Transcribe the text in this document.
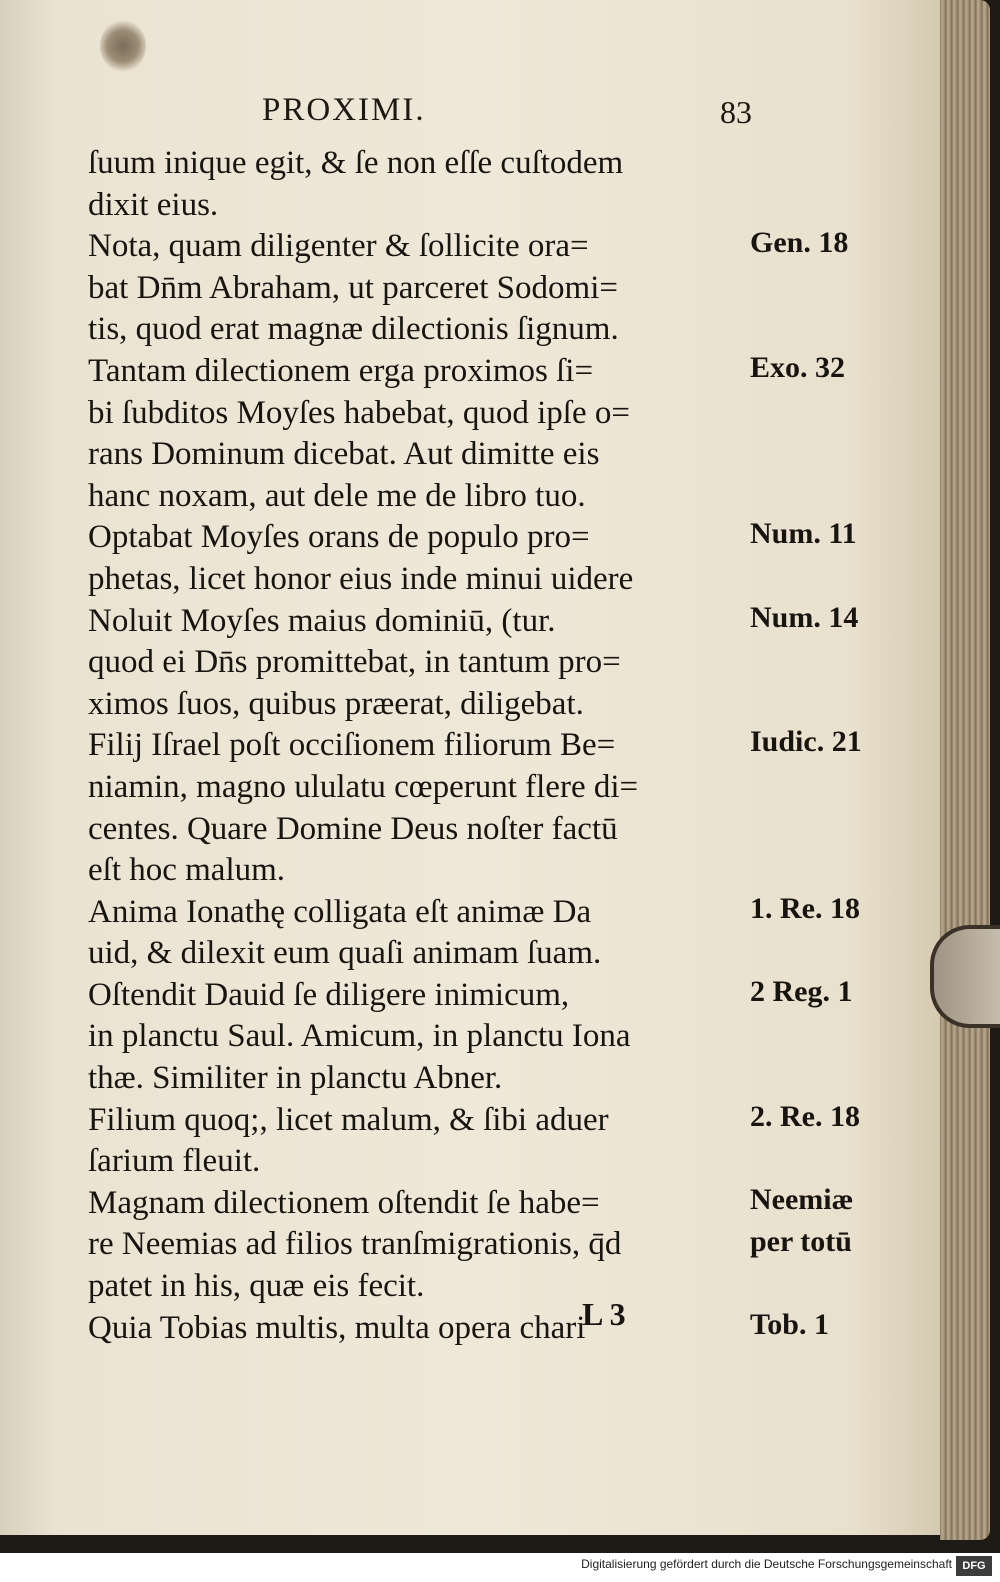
PROXIMI.	83
ſuum inique egit, & ſe non eſſe cuſtodem
dixit eius.
Nota, quam diligenter & ſollicite ora=
bat Dn̄m Abraham, ut parceret Sodomi=
tis, quod erat magnæ dilectionis ſignum.
Tantam dilectionem erga proximos ſi=
bi ſubditos Moyſes habebat, quod ipſe o=
rans Dominum dicebat. Aut dimitte eis
hanc noxam, aut dele me de libro tuo.
Optabat Moyſes orans de populo pro=
phetas, licet honor eius inde minui uidere
Noluit Moyſes maius dominiū, (tur.
quod ei Dn̄s promittebat, in tantum pro=
ximos ſuos, quibus præerat, diligebat.
Filij Iſrael poſt occiſionem filiorum Be=
niamin, magno ululatu cœperunt flere di=
centes. Quare Domine Deus noſter factū
eſt hoc malum.
Anima Ionathę colligata eſt animæ Da
uid, & dilexit eum quaſi animam ſuam.
Oſtendit Dauid ſe diligere inimicum,
in planctu Saul. Amicum, in planctu Iona
thæ. Similiter in planctu Abner.
Filium quoq;, licet malum, & ſibi aduer
ſarium fleuit.
Magnam dilectionem oſtendit ſe habe=
re Neemias ad filios tranſmigrationis, q̄d
patet in his, quæ eis fecit.
Quia Tobias multis, multa opera chari
Gen. 18
Exo. 32
Num. 11
Num. 14
Iudic. 21
1. Re. 18
2 Reg. 1
2. Re. 18
Neemiæ
per totū
Tob. 1
L 3
Digitalisierung gefördert durch die Deutsche Forschungsgemeinschaft DFG
